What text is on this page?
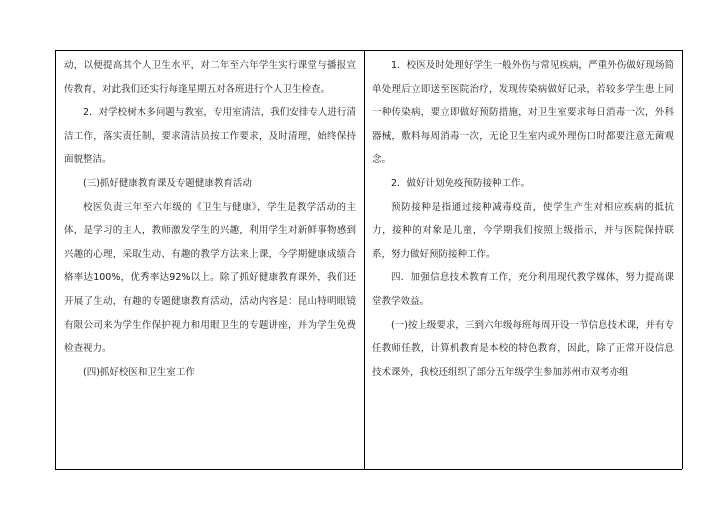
动，以便提高其个人卫生水平，对二年至六年学生实行课堂与播报宣传教育，对此我们还实行每逢星期五对各班进行个人卫生检查。

2．对学校树木多问题与教室，专用室清洁，我们安排专人进行清洁工作，落实责任制，要求清洁员按工作要求，及时清理，始终保持面貌整洁。

(三)抓好健康教育课及专题健康教育活动

校医负责三年至六年级的《卫生与健康》，学生是教学活动的主体，是学习的主人，教师激发学生的兴趣，利用学生对新鲜事物感到兴趣的心理，采取生动、有趣的教学方法来上课，今学期健康成绩合格率达100%，优秀率达92%以上。除了抓好健康教育课外，我们还开展了生动，有趣的专题健康教育活动，活动内容是：昆山特明眼镜有限公司来为学生作保护视力和用眼卫生的专题讲座，并为学生免费检查视力。

(四)抓好校医和卫生室工作

1．校医及时处理好学生一般外伤与常见疾病，严重外伤做好现场简单处理后立即送至医院治疗，发现传染病做好记录，若较多学生患上同一种传染病，要立即做好预防措施，对卫生室要求每日消毒一次，外科器械，敷料每周消毒一次，无论卫生室内或外理伤口时都要注意无菌观念。

2．做好计划免疫预防接种工作。

预防接种是指通过接种减毒疫苗，使学生产生对相应疾病的抵抗力，接种的对象是儿童，今学期我们按照上级指示，并与医院保持联系，努力做好预防接种工作。

四．加强信息技术教育工作，充分利用现代教学媒体，努力提高课堂教学效益。

(一)按上级要求，三到六年级每班每周开设一节信息技术课，并有专任教师任教，计算机教育是本校的特色教育，因此，除了正常开设信息技术课外，我校还组织了部分五年级学生参加苏州市双考亦组
